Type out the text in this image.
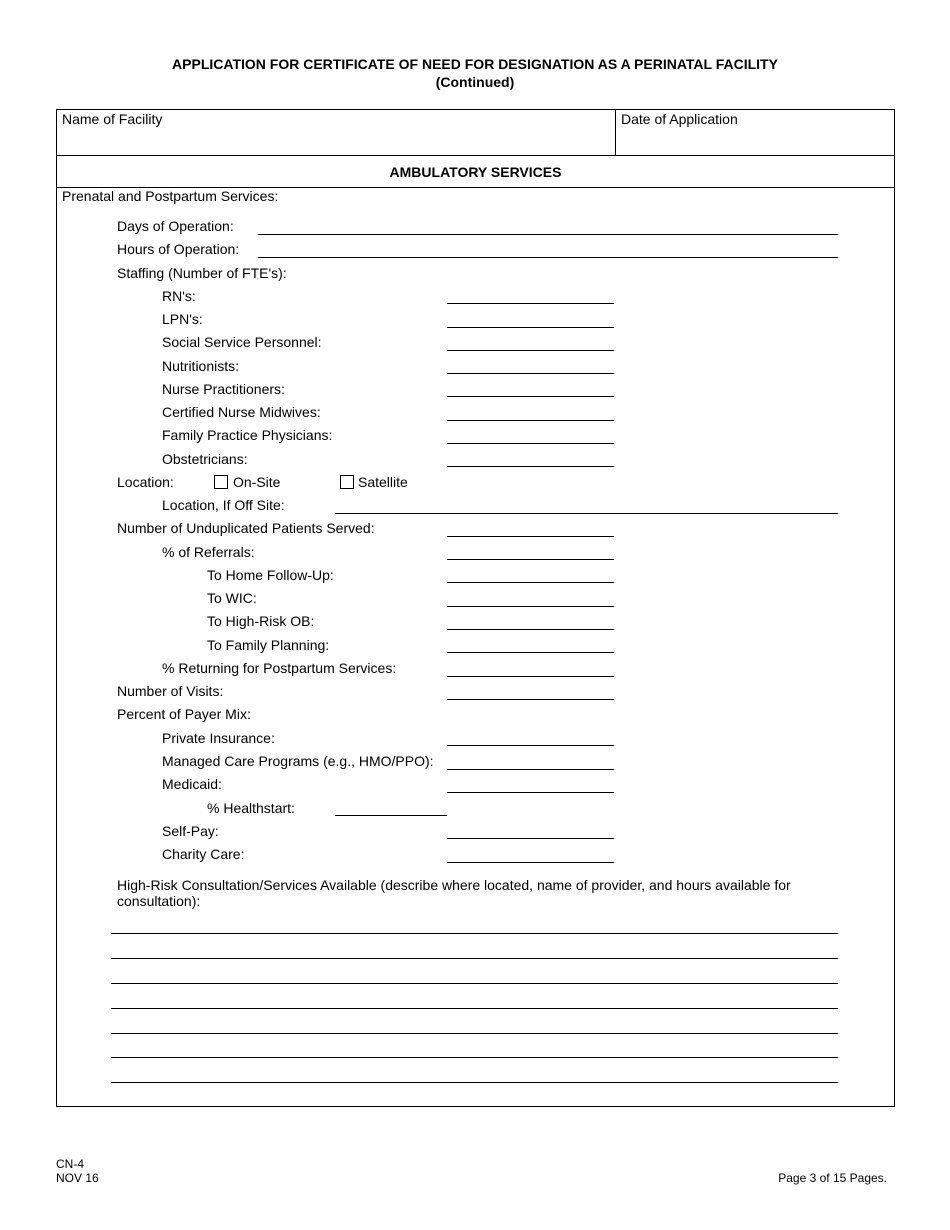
APPLICATION FOR CERTIFICATE OF NEED FOR DESIGNATION AS A PERINATAL FACILITY
(Continued)
Name of Facility	Date of Application
AMBULATORY SERVICES
Prenatal and Postpartum Services:
Days of Operation:
Hours of Operation:
Staffing (Number of FTE's):
RN's:
LPN's:
Social Service Personnel:
Nutritionists:
Nurse Practitioners:
Certified Nurse Midwives:
Family Practice Physicians:
Obstetricians:
Location:	On-Site	Satellite
Location, If Off Site:
Number of Unduplicated Patients Served:
% of Referrals:
To Home Follow-Up:
To WIC:
To High-Risk OB:
To Family Planning:
% Returning for Postpartum Services:
Number of Visits:
Percent of Payer Mix:
Private Insurance:
Managed Care Programs (e.g., HMO/PPO):
Medicaid:
% Healthstart:
Self-Pay:
Charity Care:
High-Risk Consultation/Services Available (describe where located, name of provider, and hours available for consultation):
CN-4
NOV 16	Page 3 of 15 Pages.
